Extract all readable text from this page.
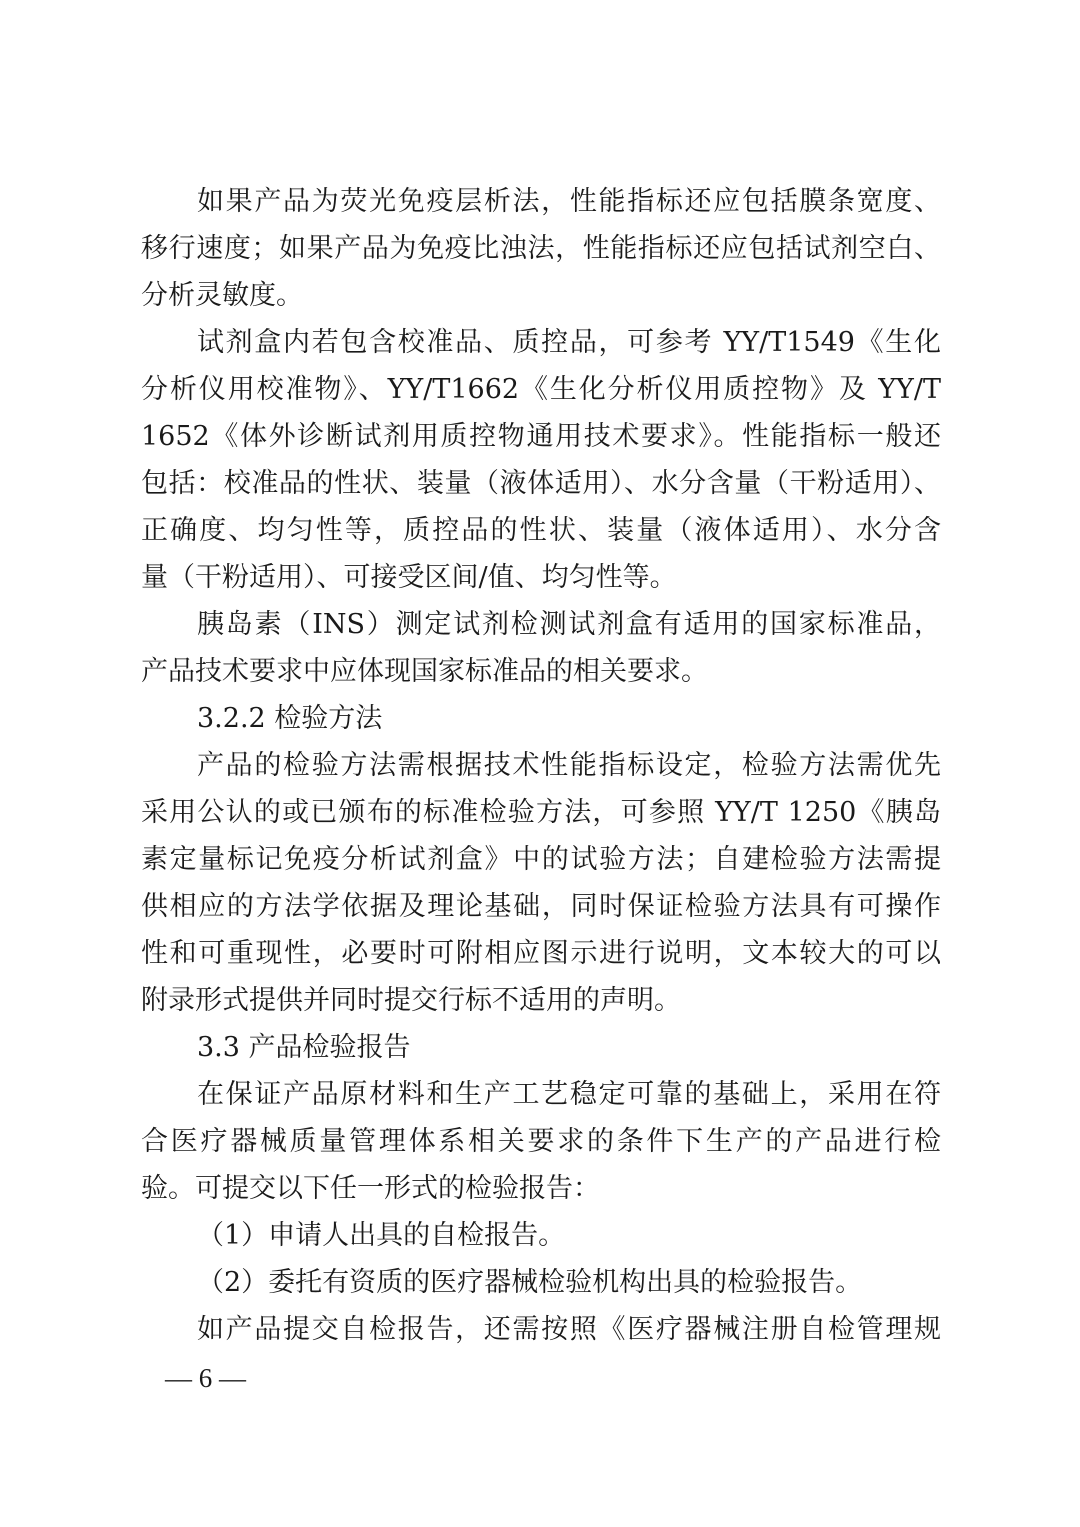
如果产品为荧光免疫层析法，性能指标还应包括膜条宽度、
移行速度；如果产品为免疫比浊法，性能指标还应包括试剂空白、
分析灵敏度。
试剂盒内若包含校准品、质控品，可参考 YY/T1549《生化
分析仪用校准物》、YY/T1662《生化分析仪用质控物》及 YY/T
1652《体外诊断试剂用质控物通用技术要求》。性能指标一般还
包括：校准品的性状、装量（液体适用）、水分含量（干粉适用）、
正确度、均匀性等，质控品的性状、装量（液体适用）、水分含
量（干粉适用）、可接受区间/值、均匀性等。
胰岛素（INS）测定试剂检测试剂盒有适用的国家标准品，
产品技术要求中应体现国家标准品的相关要求。
3.2.2 检验方法
产品的检验方法需根据技术性能指标设定，检验方法需优先
采用公认的或已颁布的标准检验方法，可参照 YY/T 1250《胰岛
素定量标记免疫分析试剂盒》中的试验方法；自建检验方法需提
供相应的方法学依据及理论基础，同时保证检验方法具有可操作
性和可重现性，必要时可附相应图示进行说明，文本较大的可以
附录形式提供并同时提交行标不适用的声明。
3.3 产品检验报告
在保证产品原材料和生产工艺稳定可靠的基础上，采用在符
合医疗器械质量管理体系相关要求的条件下生产的产品进行检
验。可提交以下任一形式的检验报告：
（1）申请人出具的自检报告。
（2）委托有资质的医疗器械检验机构出具的检验报告。
如产品提交自检报告，还需按照《医疗器械注册自检管理规
— 6 —
